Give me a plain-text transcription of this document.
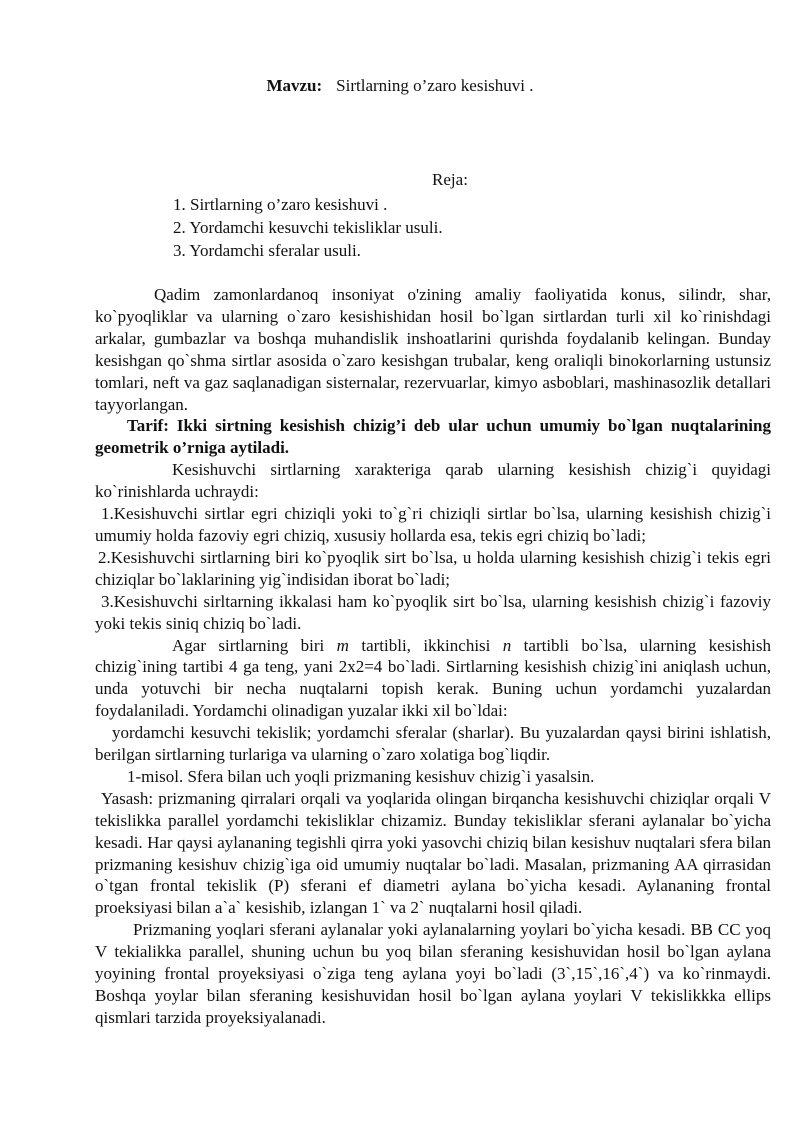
Mavzu: Sirtlarning o’zaro kesishuvi .
Reja:
1. Sirtlarning o’zaro kesishuvi .
2. Yordamchi kesuvchi tekisliklar usuli.
3. Yordamchi sferalar usuli.

Qadim zamonlardanoq insoniyat o'zining amaliy faoliyatida konus, silindr, shar, ko`pyoqliklar va ularning o`zaro kesishishidan hosil bo`lgan sirtlardan turli xil ko`rinishdagi arkalar, gumbazlar va boshqa muhandislik inshoatlarini qurishda foydalanib kelingan. Bunday kesishgan qo`shma sirtlar asosida o`zaro kesishgan trubalar, keng oraliqli binokorlarning ustunsiz tomlari, neft va gaz saqlanadigan sisternalar, rezervuarlar, kimyo asboblari, mashinasozlik detallari tayyorlangan.

Tarif: Ikki sirtning kesishish chizig’i deb ular uchun umumiy bo`lgan nuqtalarining geometrik o’rniga aytiladi.

Kesishuvchi sirtlarning xarakteriga qarab ularning kesishish chizig`i quyidagi ko`rinishlarda uchraydi:

1.Kesishuvchi sirtlar egri chiziqli yoki to`g`ri chiziqli sirtlar bo`lsa, ularning kesishish chizig`i umumiy holda fazoviy egri chiziq, xususiy hollarda esa, tekis egri chiziq bo`ladi;

2.Kesishuvchi sirtlarning biri ko`pyoqlik sirt bo`lsa, u holda ularning kesishish chizig`i tekis egri chiziqlar bo`laklarining yig`indisidan iborat bo`ladi;

3.Kesishuvchi sirltarning ikkalasi ham ko`pyoqlik sirt bo`lsa, ularning kesishish chizig`i fazoviy yoki tekis siniq chiziq bo`ladi.

Agar sirtlarning biri m tartibli, ikkinchisi n tartibli bo`lsa, ularning kesishish chizig`ining tartibi 4 ga teng, yani 2x2=4 bo`ladi. Sirtlarning kesishish chizig`ini aniqlash uchun, unda yotuvchi bir necha nuqtalarni topish kerak. Buning uchun yordamchi yuzalardan foydalaniladi. Yordamchi olinadigan yuzalar ikki xil bo`ldai:

yordamchi kesuvchi tekislik; yordamchi sferalar (sharlar). Bu yuzalardan qaysi birini ishlatish, berilgan sirtlarning turlariga va ularning o`zaro xolatiga bog`liqdir.

1-misol. Sfera bilan uch yoqli prizmaning kesishuv chizig`i yasalsin.

Yasash: prizmaning qirralari orqali va yoqlarida olingan birqancha kesishuvchi chiziqlar orqali V tekislikka parallel yordamchi tekisliklar chizamiz. Bunday tekisliklar sferani aylanalar bo`yicha kesadi. Har qaysi aylananing tegishli qirra yoki yasovchi chiziq bilan kesishuv nuqtalari sfera bilan prizmaning kesishuv chizig`iga oid umumiy nuqtalar bo`ladi. Masalan, prizmaning AA qirrasidan o`tgan frontal tekislik (P) sferani ef diametri aylana bo`yicha kesadi. Aylananing frontal proeksiyasi bilan a`a` kesishib, izlangan 1` va 2` nuqtalarni hosil qiladi.

Prizmaning yoqlari sferani aylanalar yoki aylanalarning yoylari bo`yicha kesadi. BB CC yoq V tekialikka parallel, shuning uchun bu yoq bilan sferaning kesishuvidan hosil bo`lgan aylana yoyining frontal proyeksiyasi o`ziga teng aylana yoyi bo`ladi (3`,15`,16`,4`) va ko`rinmaydi. Boshqa yoylar bilan sferaning kesishuvidan hosil bo`lgan aylana yoylari V tekislikkka ellips qismlari tarzida proyeksiyalanadi.
